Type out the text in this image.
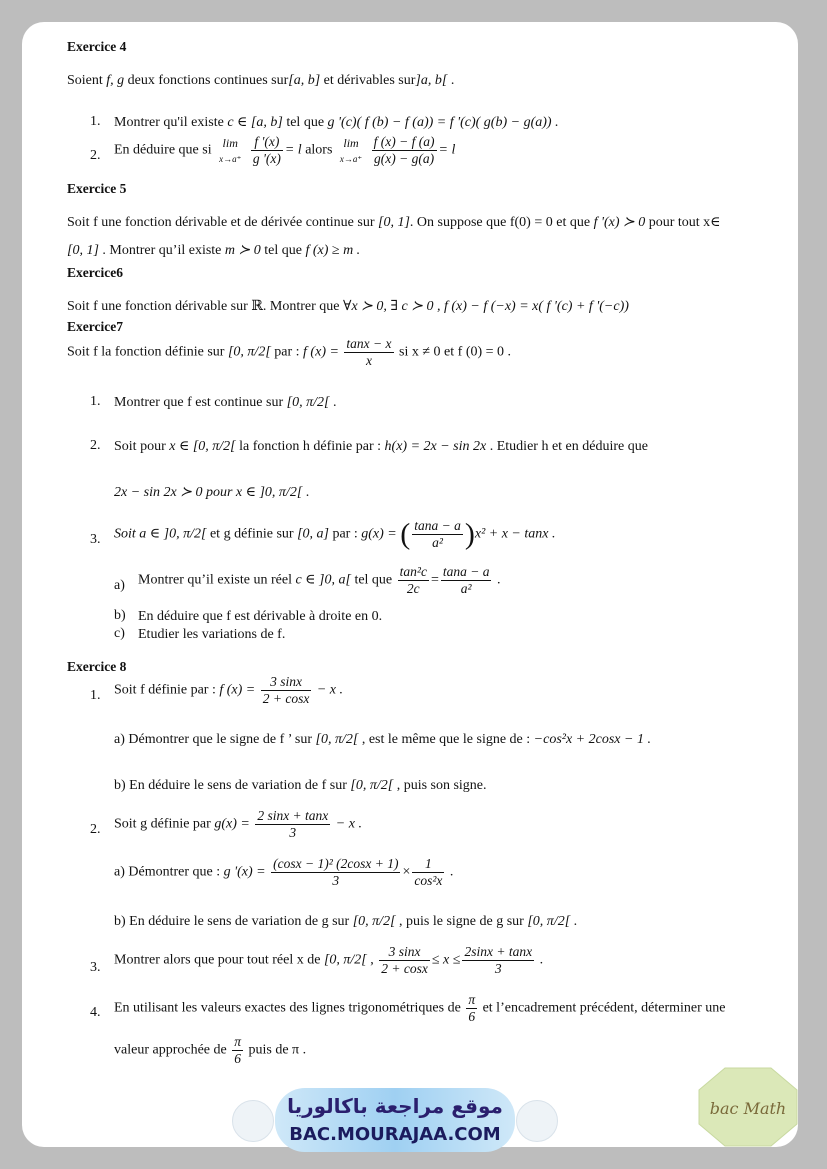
Exercice 4
Soient f, g deux fonctions continues sur[a, b] et dérivables sur]a, b[ .
1. Montrer qu'il existe c ∈ [a, b] tel que g '(c)( f (b) − f (a)) = f '(c)( g(b) − g(a)) .
2. En déduire que si lim
x→a⁺
$\frac{f '(x)}{g '(x)} = l$ alors lim
x→a⁺
$\frac{f (x) - f (a)}{g(x) - g(a)} = l$
Exercice 5
Soit f une fonction dérivable et de dérivée continue sur [0, 1]. On suppose que f(0) = 0 et que f '(x) ≻ 0 pour tout x∈
[0, 1] . Montrer qu’il existe m ≻ 0 tel que f (x) ≥ m .
Exercice6
Soit f une fonction dérivable sur ℝ. Montrer que ∀x ≻ 0, ∃ c ≻ 0 , f (x) − f (−x) = x( f '(c) + f '(−c))
Exercice7
Soit f la fonction définie sur [0, π/2[ par : f $(x) = \frac{\tan x - x}{x}$ si x ≠ 0 et f (0) = 0 .
1. Montrer que f est continue sur [0, π/2[ .
2. Soit pour x ∈ [0, π/2[ la fonction h définie par : h(x) = 2x − sin 2x . Etudier h et en déduire que
2x − sin 2x ≻ 0 pour x ∈ ]0, π/2[ .
3. Soit a ∈ ]0, π/2[ et g définie sur [0, a] par : g(x) = ( $\frac{\tan a - a}{\text{a²}} )x^2 + x - \tan x$ .
a) Montrer qu’il existe un réel c ∈ ]0, a[ tel que $\frac{\text{tan²c}}{2c} = \frac{\tan a - a}{\text{a²}}$ .
b) En déduire que f est dérivable à droite en 0.
c) Etudier les variations de f.
Exercice 8
1. Soit f définie par : f $(x) = \frac{3 \sin x}{2 + \cos x} - x$ .
a) Démontrer que le signe de f ’ sur [0, π/2[ , est le même que le signe de : −cos²x + 2cosx − 1 .
b) En déduire le sens de variation de f sur [0, π/2[ , puis son signe.
2. Soit g définie par $g(x) = \frac{2 \sin x + \tan x}{3} - x$ .
a) Démontrer que : g '$(x) = \frac{\text{(cosx − 1)² (2cosx + 1)}}{3} \times \frac{1}{\text{cos²x}}$ .
b) En déduire le sens de variation de g sur [0, π/2[ , puis le signe de g sur [0, π/2[ .
3. Montrer alors que pour tout réel x de [0, π/2[ , $\frac{3 \sin x}{2 + \cos x} \le x \le \frac{2\sin x + \tan x}{3}$ .
4. En utilisant les valeurs exactes des lignes trigonométriques de $\frac{\pi}{6}$ et l’encadrement précédent, déterminer une
valeur approchée de $\frac{\pi}{6}$ puis de π .
موقع مراجعة باكالوريا
BAC.MOURAJAA.COM
bac Math
